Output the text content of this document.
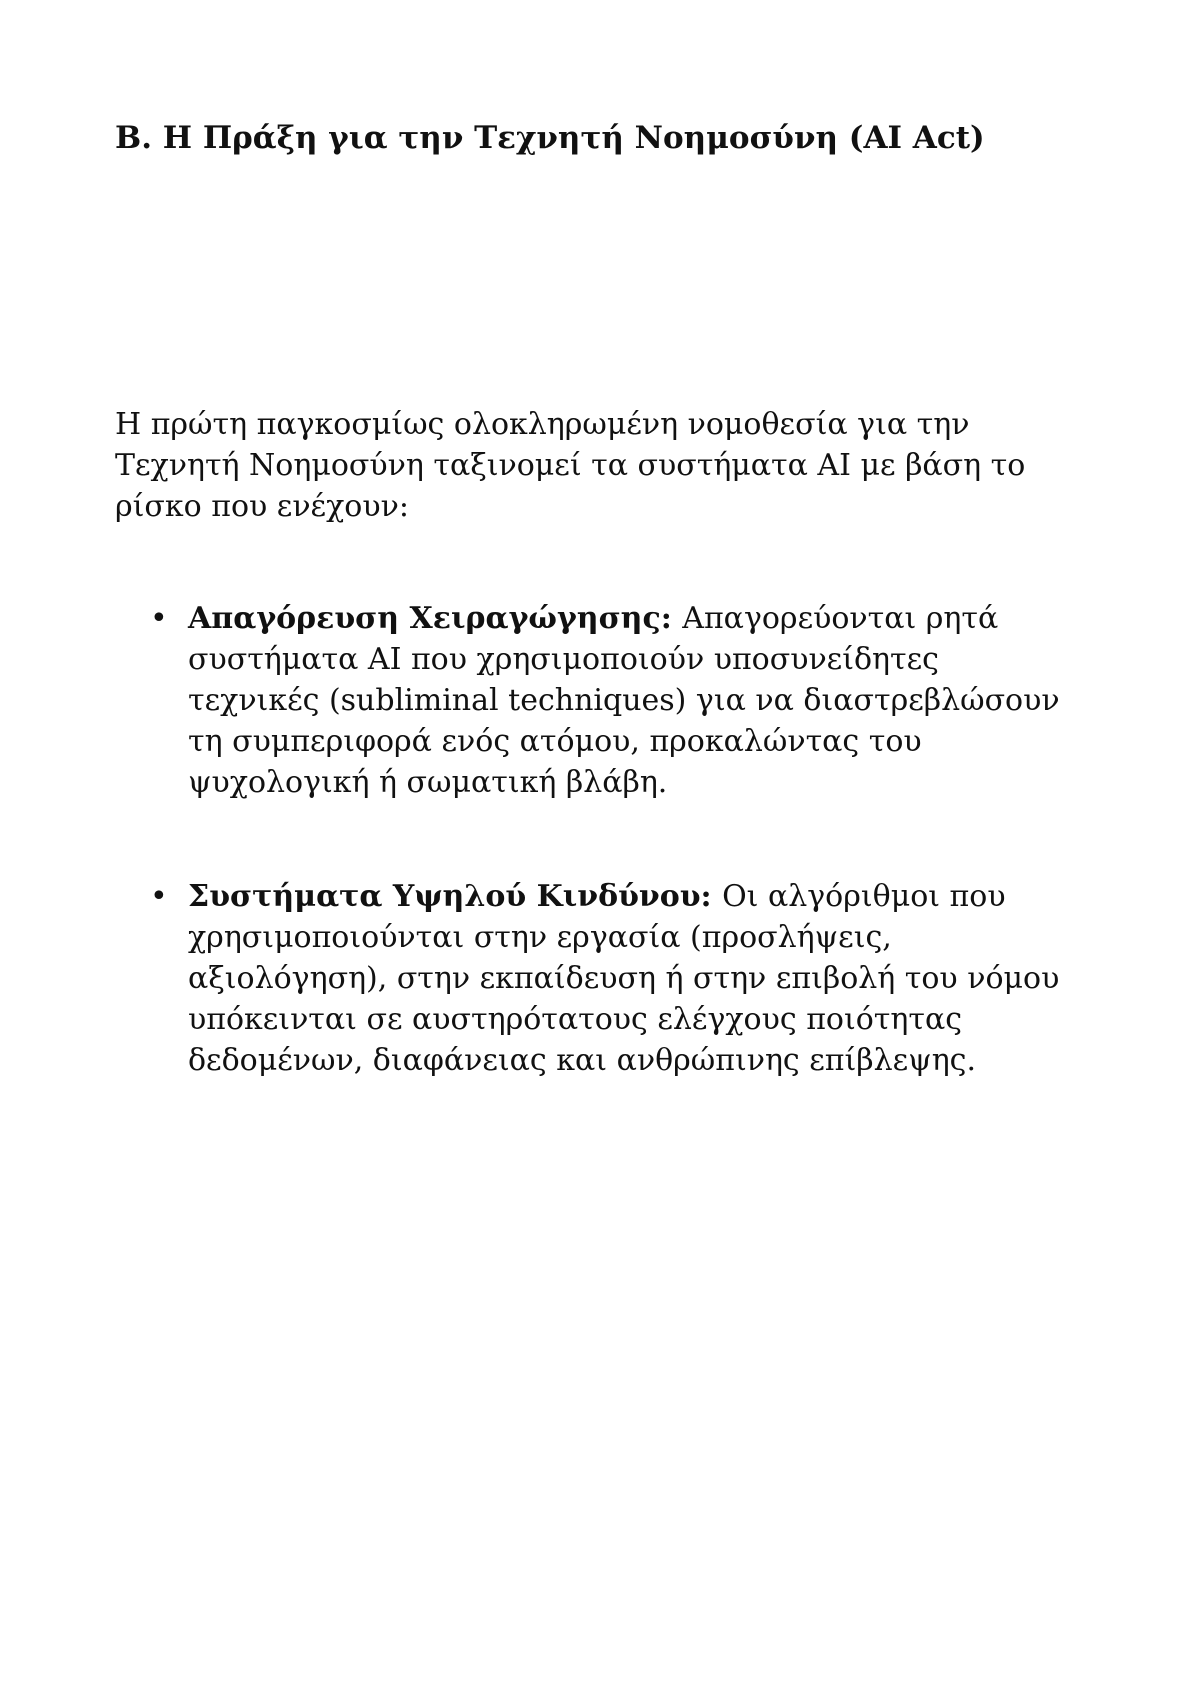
Β. Η Πράξη για την Τεχνητή Νοημοσύνη (AI Act)

Η πρώτη παγκοσμίως ολοκληρωμένη νομοθεσία για την Τεχνητή Νοημοσύνη ταξινομεί τα συστήματα AI με βάση το ρίσκο που ενέχουν:

• Απαγόρευση Χειραγώγησης: Απαγορεύονται ρητά συστήματα AI που χρησιμοποιούν υποσυνείδητες τεχνικές (subliminal techniques) για να διαστρεβλώσουν τη συμπεριφορά ενός ατόμου, προκαλώντας του ψυχολογική ή σωματική βλάβη.
• Συστήματα Υψηλού Κινδύνου: Οι αλγόριθμοι που χρησιμοποιούνται στην εργασία (προσλήψεις, αξιολόγηση), στην εκπαίδευση ή στην επιβολή του νόμου υπόκεινται σε αυστηρότατους ελέγχους ποιότητας δεδομένων, διαφάνειας και ανθρώπινης επίβλεψης.
